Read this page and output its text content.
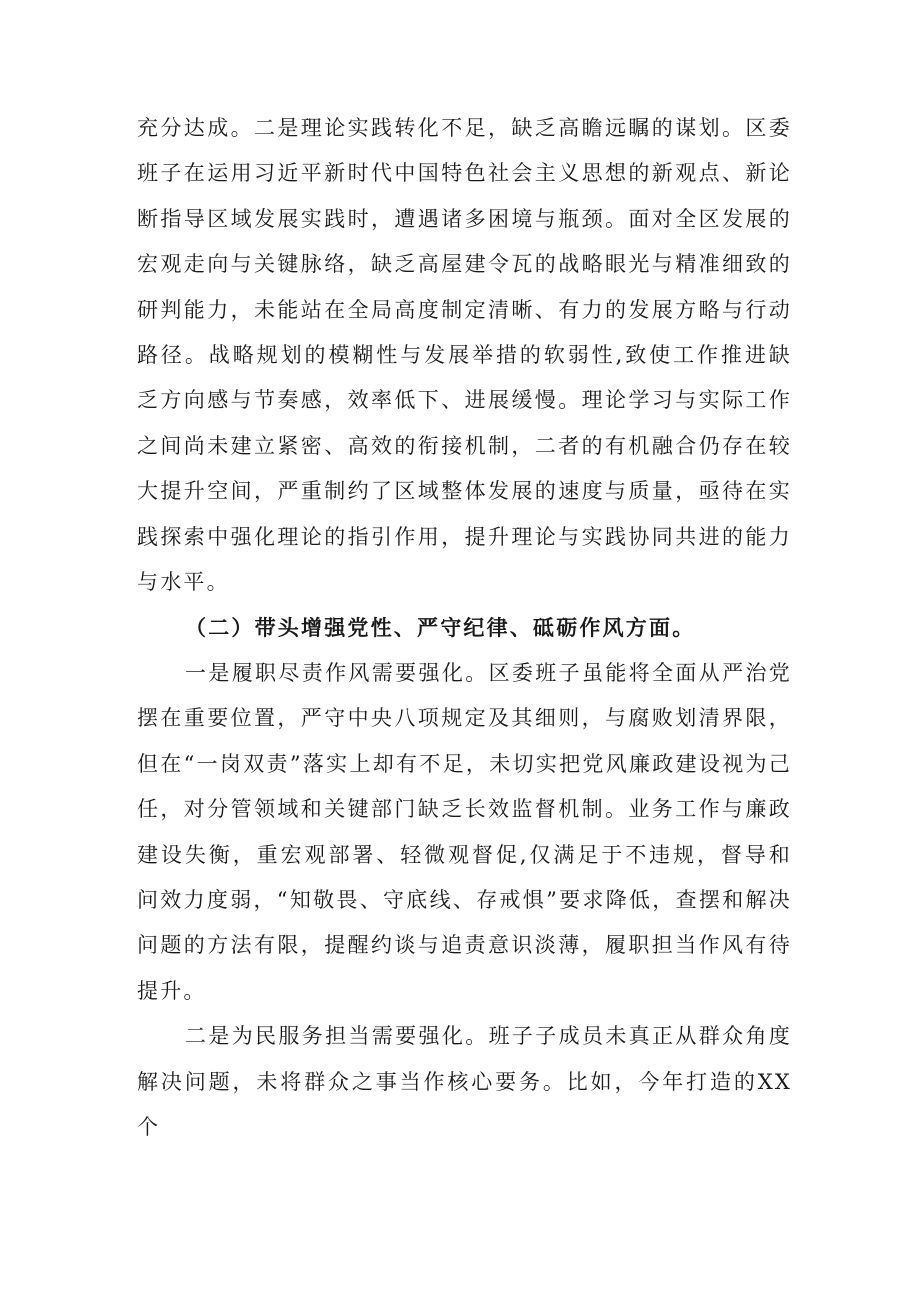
充分达成。二是理论实践转化不足，缺乏高瞻远瞩的谋划。区委班子在运用习近平新时代中国特色社会主义思想的新观点、新论断指导区域发展实践时，遭遇诸多困境与瓶颈。面对全区发展的宏观走向与关键脉络，缺乏高屋建令瓦的战略眼光与精准细致的研判能力，未能站在全局高度制定清晰、有力的发展方略与行动路径。战略规划的模糊性与发展举措的软弱性,致使工作推进缺乏方向感与节奏感，效率低下、进展缓慢。理论学习与实际工作之间尚未建立紧密、高效的衔接机制，二者的有机融合仍存在较大提升空间，严重制约了区域整体发展的速度与质量，亟待在实践探索中强化理论的指引作用，提升理论与实践协同共进的能力与水平。

（二）带头增强党性、严守纪律、砥砺作风方面。

一是履职尽责作风需要强化。区委班子虽能将全面从严治党摆在重要位置，严守中央八项规定及其细则，与腐败划清界限，但在“一岗双责”落实上却有不足，未切实把党风廉政建设视为己任，对分管领域和关键部门缺乏长效监督机制。业务工作与廉政建设失衡，重宏观部署、轻微观督促,仅满足于不违规，督导和问效力度弱，“知敬畏、守底线、存戒惧”要求降低，查摆和解决问题的方法有限，提醒约谈与追责意识淡薄，履职担当作风有待提升。

二是为民服务担当需要强化。班子子成员未真正从群众角度解决问题，未将群众之事当作核心要务。比如，今年打造的XX个
